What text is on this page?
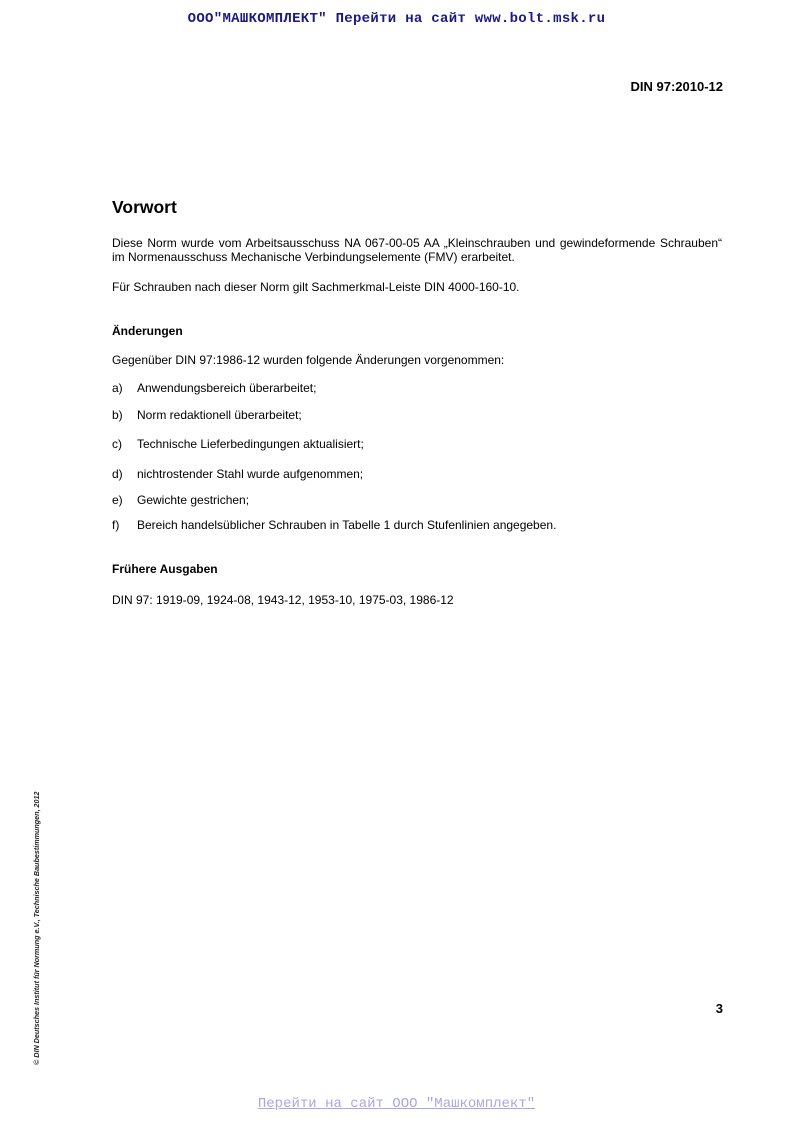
ООО"МАШКОМПЛЕКТ" Перейти на сайт www.bolt.msk.ru
DIN 97:2010-12
Vorwort
Diese Norm wurde vom Arbeitsausschuss NA 067-00-05 AA „Kleinschrauben und gewindeformende Schrauben“ im Normenausschuss Mechanische Verbindungselemente (FMV) erarbeitet.
Für Schrauben nach dieser Norm gilt Sachmerkmal-Leiste DIN 4000-160-10.
Änderungen
Gegenüber DIN 97:1986-12 wurden folgende Änderungen vorgenommen:
a) Anwendungsbereich überarbeitet;
b) Norm redaktionell überarbeitet;
c) Technische Lieferbedingungen aktualisiert;
d) nichtrostender Stahl wurde aufgenommen;
e) Gewichte gestrichen;
f) Bereich handelsüblicher Schrauben in Tabelle 1 durch Stufenlinien angegeben.
Frühere Ausgaben
DIN 97: 1919-09, 1924-08, 1943-12, 1953-10, 1975-03, 1986-12
© DIN Deutsches Institut für Normung e.V., Technische Baubestimmungen, 2012	3
Перейти на сайт ООО "Машкомплект"
